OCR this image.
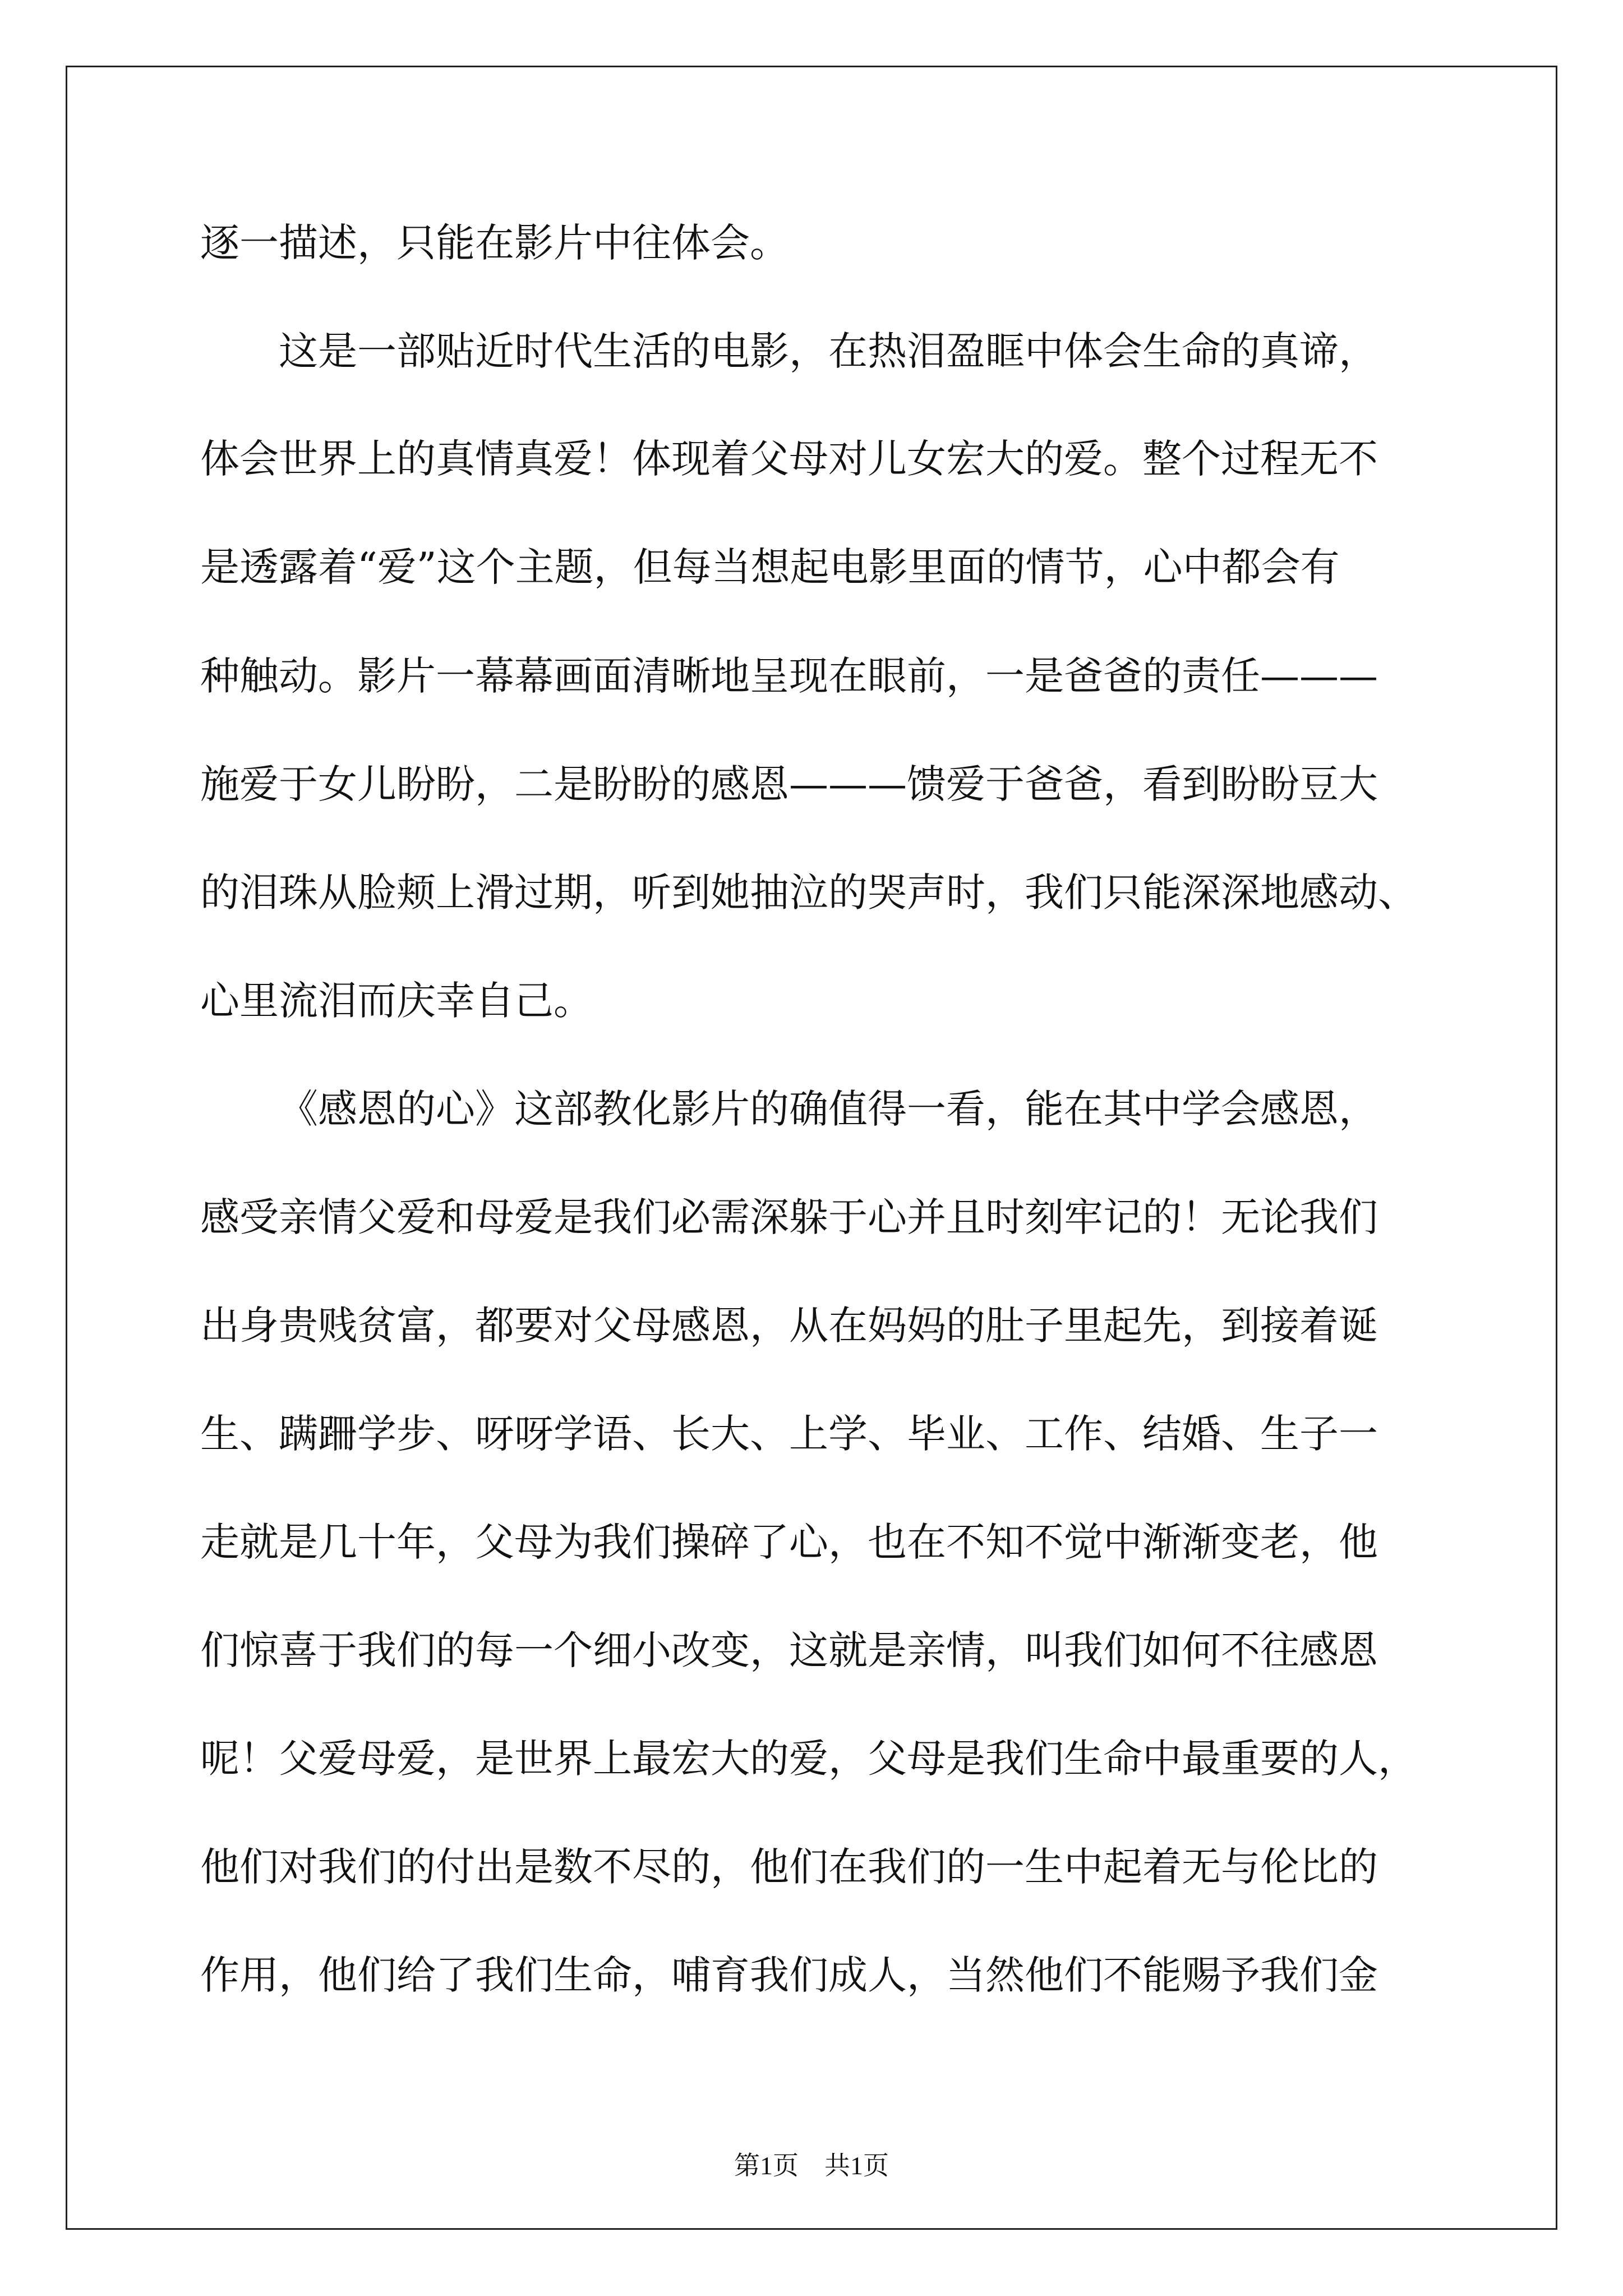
逐一描述，只能在影片中往体会。
这是一部贴近时代生活的电影，在热泪盈眶中体会生命的真谛，
体会世界上的真情真爱！体现着父母对儿女宏大的爱。整个过程无不
是透露着“爱”这个主题，但每当想起电影里面的情节，心中都会有
种触动。影片一幕幕画面清晰地呈现在眼前，一是爸爸的责任———
施爱于女儿盼盼，二是盼盼的感恩———馈爱于爸爸，看到盼盼豆大
的泪珠从脸颊上滑过期，听到她抽泣的哭声时，我们只能深深地感动、
心里流泪而庆幸自己。
《感恩的心》这部教化影片的确值得一看，能在其中学会感恩，
感受亲情父爱和母爱是我们必需深躲于心并且时刻牢记的！无论我们
出身贵贱贫富，都要对父母感恩，从在妈妈的肚子里起先，到接着诞
生、蹒跚学步、呀呀学语、长大、上学、毕业、工作、结婚、生子一
走就是几十年，父母为我们操碎了心，也在不知不觉中渐渐变老，他
们惊喜于我们的每一个细小改变，这就是亲情，叫我们如何不往感恩
呢！父爱母爱，是世界上最宏大的爱，父母是我们生命中最重要的人，
他们对我们的付出是数不尽的，他们在我们的一生中起着无与伦比的
作用，他们给了我们生命，哺育我们成人，当然他们不能赐予我们金
第1页 共1页
